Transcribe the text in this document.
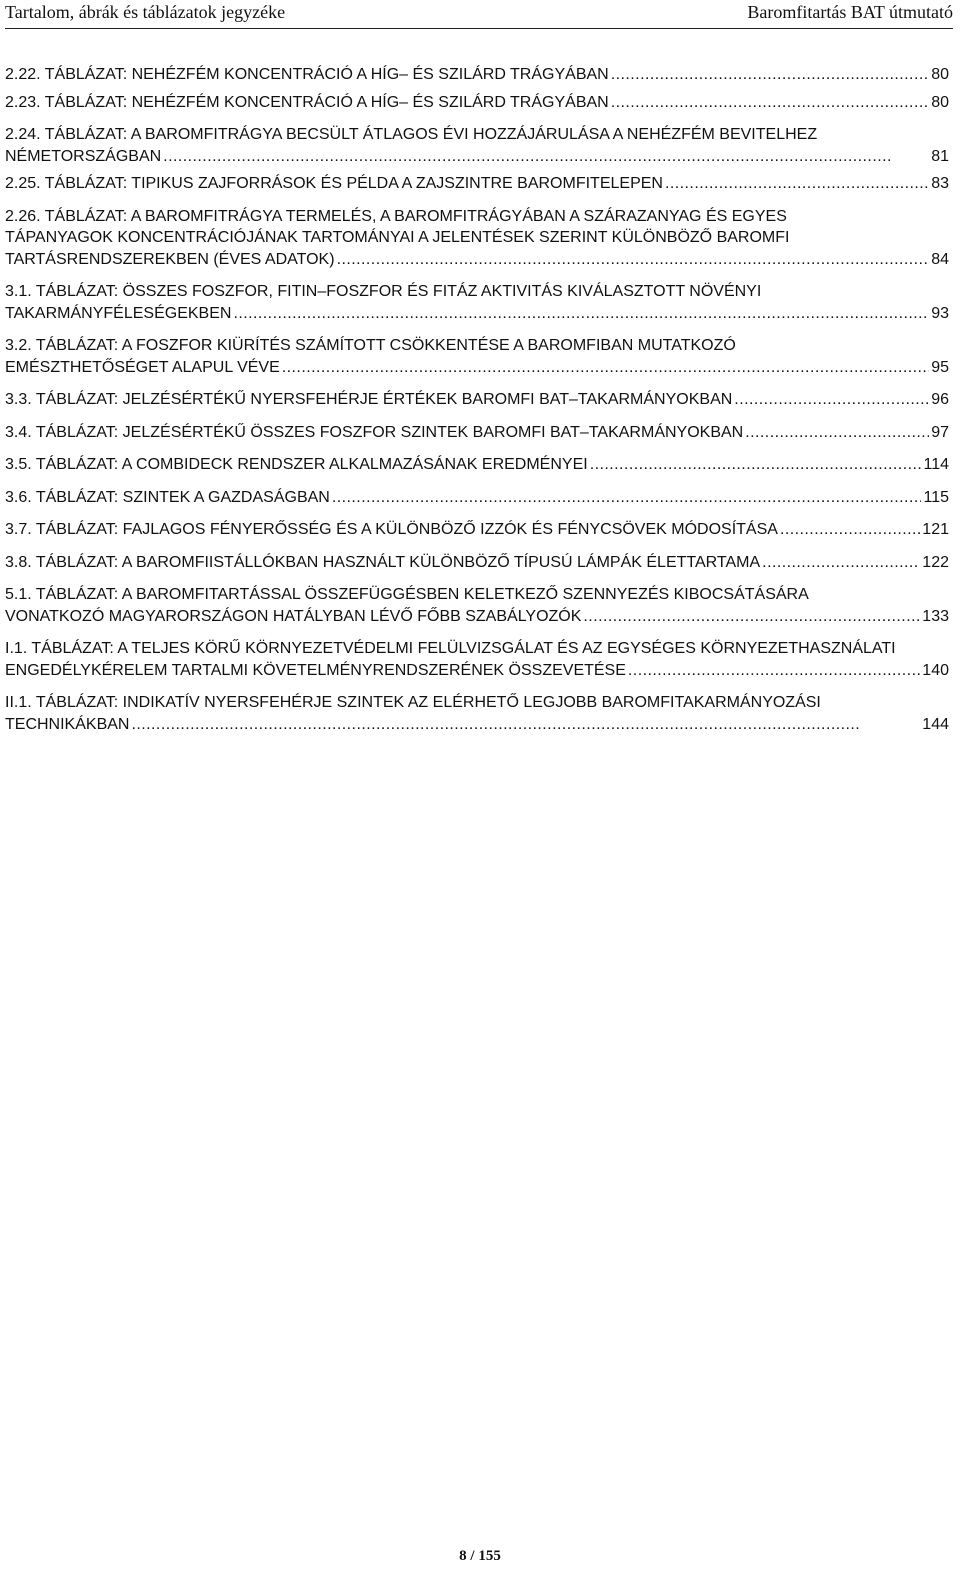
Tartalom, ábrák és táblázatok jegyzéke	Baromfitartás BAT útmutató
2.22. TÁBLÁZAT: NEHÉZFÉM KONCENTRÁCIÓ A HÍG– ÉS SZILÁRD TRÁGYÁBAN . . .	80
2.23. TÁBLÁZAT: NEHÉZFÉM KONCENTRÁCIÓ A HÍG– ÉS SZILÁRD TRÁGYÁBAN . . .	80
2.24. TÁBLÁZAT: A BAROMFITRÁGYA BECSÜLT ÁTLAGOS ÉVI HOZZÁJÁRULÁSA A NEHÉZFÉM BEVITELHEZ
NÉMETORSZÁGBAN . . .	81
2.25. TÁBLÁZAT: TIPIKUS ZAJFORRÁSOK ÉS PÉLDA A ZAJSZINTRE BAROMFITELEPEN . . .	83
2.26. TÁBLÁZAT: A BAROMFITRÁGYA TERMELÉS, A BAROMFITRÁGYÁBAN A SZÁRAZANYAG ÉS EGYES
TÁPANYAGOK KONCENTRÁCIÓJÁNAK TARTOMÁNYAI A JELENTÉSEK SZERINT KÜLÖNBÖZŐ BAROMFI
TARTÁSRENDSZEREKBEN (ÉVES ADATOK) . . .	84
3.1. TÁBLÁZAT: ÖSSZES FOSZFOR, FITIN–FOSZFOR ÉS FITÁZ AKTIVITÁS KIVÁLASZTOTT NÖVÉNYI
TAKARMÁNYFÉLESÉGEKBEN . . .	93
3.2. TÁBLÁZAT: A FOSZFOR KIÜRÍTÉS SZÁMÍTOTT CSÖKKENTÉSE A BAROMFIBAN MUTATKOZÓ
EMÉSZTHETŐSÉGET ALAPUL VÉVE . . .	95
3.3. TÁBLÁZAT: JELZÉSÉRTÉKŰ NYERSFEHÉRJE ÉRTÉKEK BAROMFI BAT–TAKARMÁNYOKBAN . . .	96
3.4. TÁBLÁZAT: JELZÉSÉRTÉKŰ ÖSSZES FOSZFOR SZINTEK BAROMFI BAT–TAKARMÁNYOKBAN . . .	97
3.5. TÁBLÁZAT: A COMBIDECK RENDSZER ALKALMAZÁSÁNAK EREDMÉNYEI . . .	114
3.6. TÁBLÁZAT: SZINTEK A GAZDASÁGBAN . . .	115
3.7. TÁBLÁZAT: FAJLAGOS FÉNYERŐSSÉG ÉS A KÜLÖNBÖZŐ IZZÓK ÉS FÉNYCSÖVEK MÓDOSÍTÁSA . . .	121
3.8. TÁBLÁZAT: A BAROMFIISTÁLLÓKBAN HASZNÁLT KÜLÖNBÖZŐ TÍPUSÚ LÁMPÁK ÉLETTARTAMA . . .	122
5.1. TÁBLÁZAT: A BAROMFITARTÁSSAL ÖSSZEFÜGGÉSBEN KELETKEZŐ SZENNYEZÉS KIBOCSÁTÁSÁRA
VONATKOZÓ MAGYARORSZÁGON HATÁLYBAN LÉVŐ FŐBB SZABÁLYOZÓK . . .	133
I.1. TÁBLÁZAT: A TELJES KÖRŰ KÖRNYEZETVÉDELMI FELÜLVIZSGÁLAT ÉS AZ EGYSÉGES KÖRNYEZETHASZNÁLATI
ENGEDÉLYKÉRELEM TARTALMI KÖVETELMÉNYRENDSZERÉNEK ÖSSZEVETÉSE . . .	140
II.1. TÁBLÁZAT: INDIKATÍV NYERSFEHÉRJE SZINTEK AZ ELÉRHETŐ LEGJOBB BAROMFITAKARMÁNYOZÁSI
TECHNIKÁKBAN . . .	144
8 / 155
